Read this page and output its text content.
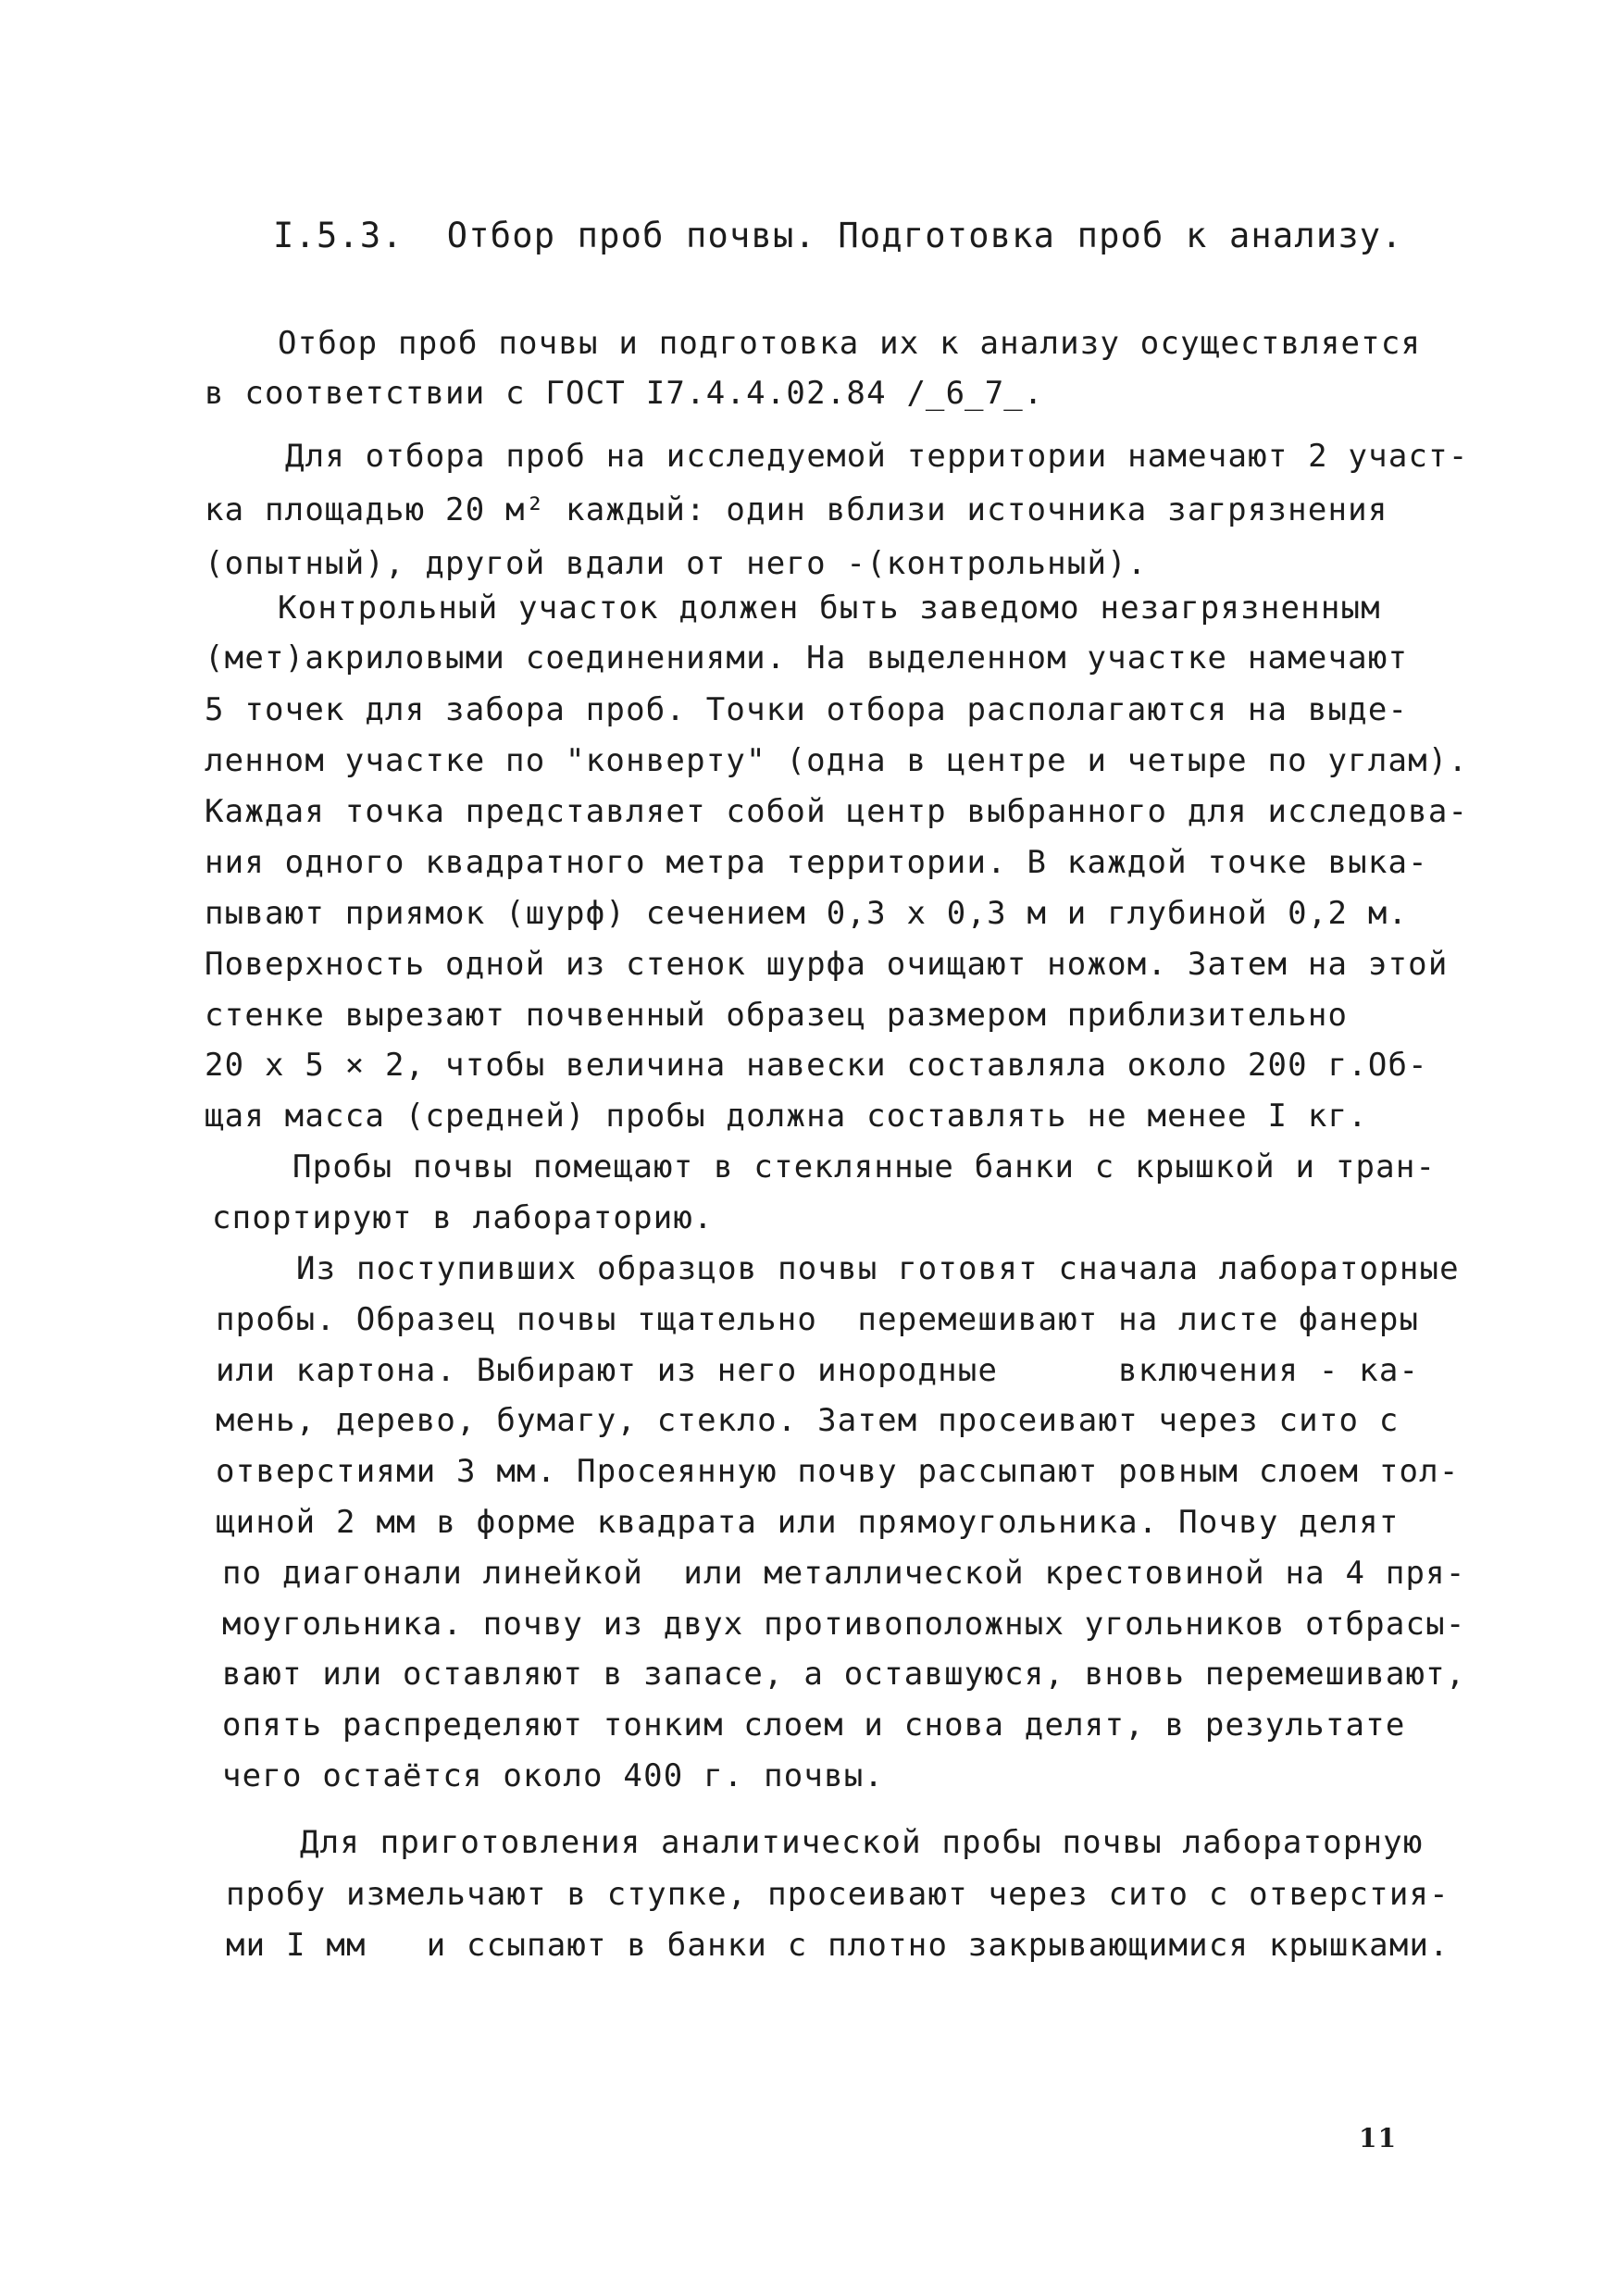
I.5.3.  Отбор проб почвы. Подготовка проб к анализу.
Отбор проб почвы и подготовка их к анализу осуществляется
в соответствии с ГОСТ I7.4.4.02.84 /̲6̲7̲.
Для отбора проб на исследуемой территории намечают 2 участ-
ка площадью 20 м² каждый: один вблизи источника загрязнения
(опытный), другой вдали от него -(контрольный).
Контрольный участок должен быть заведомо незагрязненным
(мет)акриловыми соединениями. На выделенном участке намечают
5 точек для забора проб. Точки отбора располагаются на выде-
ленном участке по "конверту" (одна в центре и четыре по углам).
Каждая точка представляет собой центр выбранного для исследова-
ния одного квадратного метра территории. В каждой точке выка-
пывают приямок (шурф) сечением 0,3 х 0,3 м и глубиной 0,2 м.
Поверхность одной из стенок шурфа очищают ножом. Затем на этой
стенке вырезают почвенный образец размером приблизительно
20 х 5 × 2, чтобы величина навески составляла около 200 г.Об-
щая масса (средней) пробы должна составлять не менее I кг.
Пробы почвы помещают в стеклянные банки с крышкой и тран-
спортируют в лабораторию.
Из поступивших образцов почвы готовят сначала лабораторные
пробы. Образец почвы тщательно  перемешивают на листе фанеры
или картона. Выбирают из него инородные      включения - ка-
мень, дерево, бумагу, стекло. Затем просеивают через сито с
отверстиями 3 мм. Просеянную почву рассыпают ровным слоем тол-
щиной 2 мм в форме квадрата или прямоугольника. Почву делят
по диагонали линейкой  или металлической крестовиной на 4 пря-
моугольника. почву из двух противоположных угольников отбрасы-
вают или оставляют в запасе, а оставшуюся, вновь перемешивают,
опять распределяют тонким слоем и снова делят, в результате
чего остаётся около 400 г. почвы.
Для приготовления аналитической пробы почвы лабораторную
пробу измельчают в ступке, просеивают через сито с отверстия-
ми I мм   и ссыпают в банки с плотно закрывающимися крышками.
11
